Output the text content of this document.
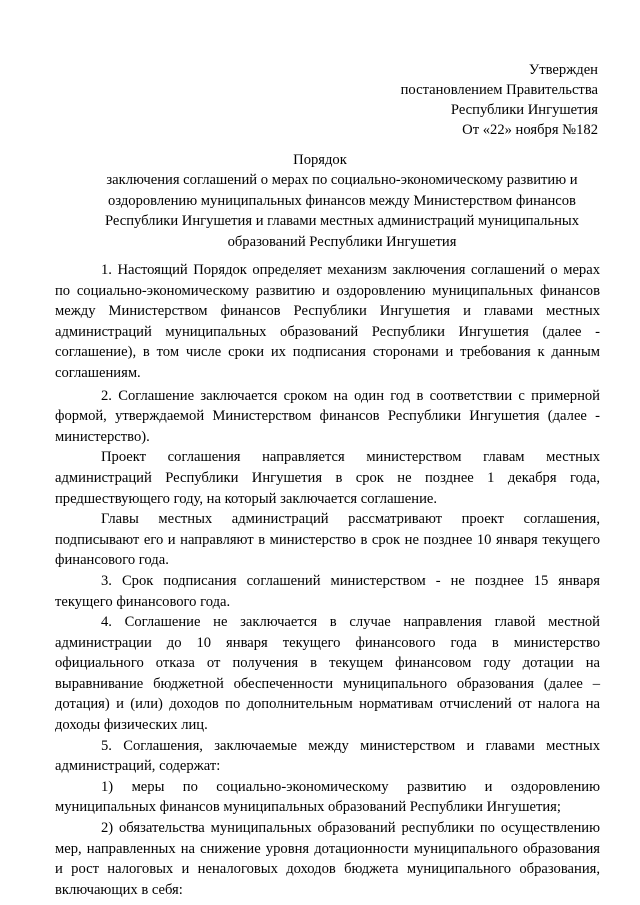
Утвержден
постановлением Правительства
Республики Ингушетия
От «22» ноября №182
Порядок
заключения соглашений о мерах по социально-экономическому развитию и
оздоровлению муниципальных финансов между Министерством финансов
Республики Ингушетия и главами местных администраций муниципальных
образований Республики Ингушетия

1. Настоящий Порядок определяет механизм заключения соглашений о мерах по социально-экономическому развитию и оздоровлению муниципальных финансов между Министерством финансов Республики Ингушетия и главами местных администраций муниципальных образований Республики Ингушетия (далее - соглашение), в том числе сроки их подписания сторонами и требования к данным соглашениям.

2. Соглашение заключается сроком на один год в соответствии с примерной формой, утверждаемой Министерством финансов Республики Ингушетия (далее - министерство).

Проект соглашения направляется министерством главам местных администраций Республики Ингушетия в срок не позднее 1 декабря года, предшествующего году, на который заключается соглашение.

Главы местных администраций рассматривают проект соглашения, подписывают его и направляют в министерство в срок не позднее 10 января текущего финансового года.

3. Срок подписания соглашений министерством - не позднее 15 января текущего финансового года.

4. Соглашение не заключается в случае направления главой местной администрации до 10 января текущего финансового года в министерство официального отказа от получения в текущем финансовом году дотации на выравнивание бюджетной обеспеченности муниципального образования (далее – дотация) и (или) доходов по дополнительным нормативам отчислений от налога на доходы физических лиц.

5. Соглашения, заключаемые между министерством и главами местных администраций, содержат:

1) меры по социально-экономическому развитию и оздоровлению муниципальных финансов муниципальных образований Республики Ингушетия;

2) обязательства муниципальных образований республики по осуществлению мер, направленных на снижение уровня дотационности муниципального образования и рост налоговых и неналоговых доходов бюджета муниципального образования, включающих в себя:
